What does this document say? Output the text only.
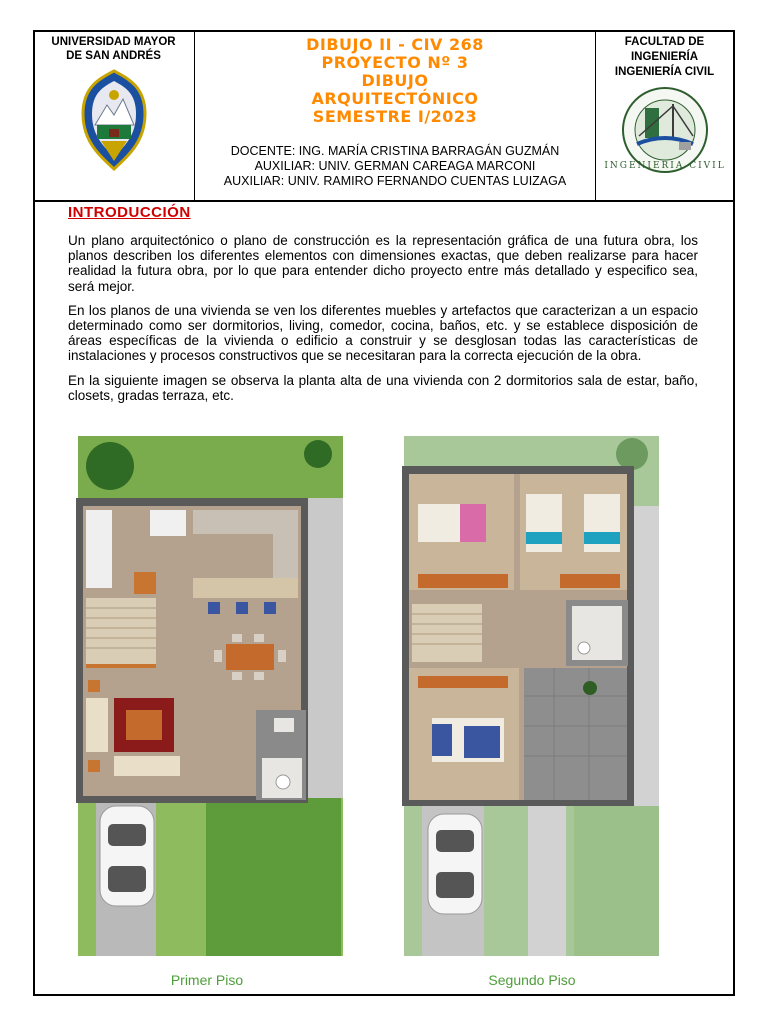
UNIVERSIDAD MAYOR DE SAN ANDRÉS
DIBUJO II - CIV 268
PROYECTO Nº 3
DIBUJO
ARQUITECTÓNICO
SEMESTRE I/2023
DOCENTE: ING. MARÍA CRISTINA BARRAGÁN GUZMÁN
AUXILIAR: UNIV. GERMAN CAREAGA MARCONI
AUXILIAR: UNIV. RAMIRO FERNANDO CUENTAS LUIZAGA
FACULTAD DE INGENIERÍA INGENIERÍA CIVIL
INGENIERIA CIVIL
INTRODUCCIÓN

Un plano arquitectónico o plano de construcción es la representación gráfica de una futura obra, los planos describen los diferentes elementos con dimensiones exactas, que deben realizarse para hacer realidad la futura obra, por lo que para entender dicho proyecto entre más detallado y especifico sea, será mejor.

En los planos de una vivienda se ven los diferentes muebles y artefactos que caracterizan a un espacio determinado como ser dormitorios, living, comedor, cocina, baños, etc. y se establece disposición de áreas específicas de la vivienda o edificio a construir y se desglosan todas las características de instalaciones y procesos constructivos que se necesitaran para la correcta ejecución de la obra.

En la siguiente imagen se observa la planta alta de una vivienda con 2 dormitorios sala de estar, baño, closets, gradas terraza, etc.

Primer Piso	Segundo Piso
